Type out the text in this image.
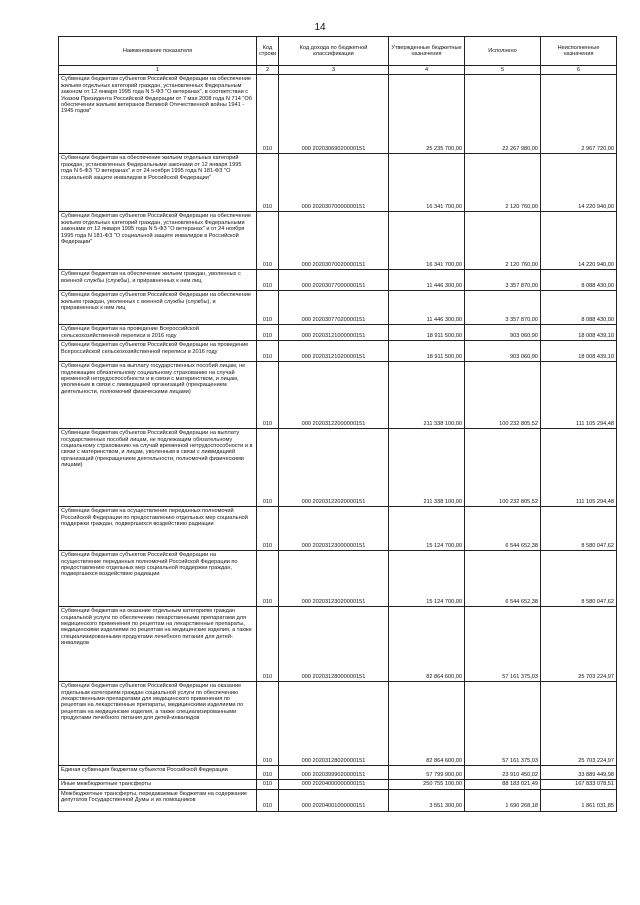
14
Наименование показателя	Код строки	Код дохода по бюджетной классификации	Утвержденные бюджетные назначения	Исполнено	Неисполненные назначения
1	2	3	4	5	6
Субвенции бюджетам субъектов Российской Федерации на обеспечение жильем отдельных категорий граждан, установленных Федеральным законом от 12 января 1995 года N 5-ФЗ "О ветеранах", в соответствии с Указом Президента Российской Федерации от 7 мая 2008 года N 714 "Об обеспечении жильем ветеранов Великой Отечественной войны 1941 - 1945 годов"	010	000 20203069020000151	25 235 700,00	22 267 980,00	2 967 720,00
Субвенции бюджетам на обеспечение жильем отдельных категорий граждан, установленных Федеральными законами от 12 января 1995 года N 5-ФЗ "О ветеранах" и от 24 ноября 1995 года N 181-ФЗ "О социальной защите инвалидов в Российской Федерации"	010	000 20203070000000151	16 341 700,00	2 120 760,00	14 220 940,00
Субвенции бюджетам субъектов Российской Федерации на обеспечение жильем отдельных категорий граждан, установленных Федеральными законами от 12 января 1995 года N 5-ФЗ "О ветеранах" и от 24 ноября 1995 года N 181-ФЗ "О социальной защите инвалидов в Российской Федерации"	010	000 20203070020000151	16 341 700,00	2 120 760,00	14 220 940,00
Субвенции бюджетам на обеспечение жильем граждан, уволенных с военной службы (службы), и приравненных к ним лиц	010	000 20203077000000151	11 446 300,00	3 357 870,00	8 088 430,00
Субвенции бюджетам субъектов Российской Федерации на обеспечение жильем граждан, уволенных с военной службы (службы), и приравненных к ним лиц	010	000 20203077020000151	11 446 300,00	3 357 870,00	8 088 430,00
Субвенции бюджетам на проведение Всероссийской сельскохозяйственной переписи в 2016 году	010	000 20203121000000151	18 911 500,00	903 060,90	18 008 439,10
Субвенции бюджетам субъектов Российской Федерации на проведение Всероссийской сельскохозяйственной переписи в 2016 году	010	000 20203121020000151	18 911 500,00	903 060,90	18 008 439,10
Субвенции бюджетам на выплату государственных пособий лицам, не подлежащим обязательному социальному страхованию на случай временной нетрудоспособности и в связи с материнством, и лицам, уволенным в связи с ликвидацией организаций (прекращением деятельности, полномочий физическими лицами)	010	000 20203122000000151	211 338 100,00	100 232 805,52	111 105 294,48
Субвенции бюджетам субъектов Российской Федерации на выплату государственных пособий лицам, не подлежащим обязательному социальному страхованию на случай временной нетрудоспособности и в связи с материнством, и лицам, уволенным в связи с ликвидацией организаций (прекращением деятельности, полномочий физическими лицами)	010	000 20203122020000151	211 338 100,00	100 232 805,52	111 105 294,48
Субвенции бюджетам на осуществление переданных полномочий Российской Федерации по предоставлению отдельных мер социальной поддержки граждан, подвергшихся воздействию радиации	010	000 20203123000000151	15 124 700,00	6 544 652,38	8 580 047,62
Субвенции бюджетам субъектов Российской Федерации на осуществление переданных полномочий Российской Федерации по предоставлению отдельных мер социальной поддержки граждан, подвергшихся воздействию радиации	010	000 20203123020000151	15 124 700,00	6 544 652,38	8 580 047,62
Субвенции бюджетам на оказание отдельным категориям граждан социальной услуги по обеспечению лекарственными препаратами для медицинского применения по рецептам на лекарственные препараты, медицинскими изделиями по рецептам на медицинские изделия, а также специализированными продуктами лечебного питания для детей-инвалидов	010	000 20203128000000151	82 864 600,00	57 161 375,03	25 703 224,97
Субвенции бюджетам субъектов Российской Федерации на оказание отдельным категориям граждан социальной услуги по обеспечению лекарственными препаратами для медицинского применения по рецептам на лекарственные препараты, медицинскими изделиями по рецептам на медицинские изделия, а также специализированными продуктами лечебного питания для детей-инвалидов	010	000 20203128020000151	82 864 600,00	57 161 375,03	25 703 224,97
Единая субвенция бюджетам субъектов Российской Федерации	010	000 20203999020000151	57 799 900,00	23 910 450,02	33 889 449,98
Иные межбюджетные трансферты	010	000 20204000000000151	250 755 100,00	88 183 021,49	167 833 078,51
Межбюджетные трансферты, передаваемые бюджетам на содержание депутатов Государственной Думы и их помощников	010	000 20204001000000151	3 551 300,00	1 690 268,18	1 861 031,85
